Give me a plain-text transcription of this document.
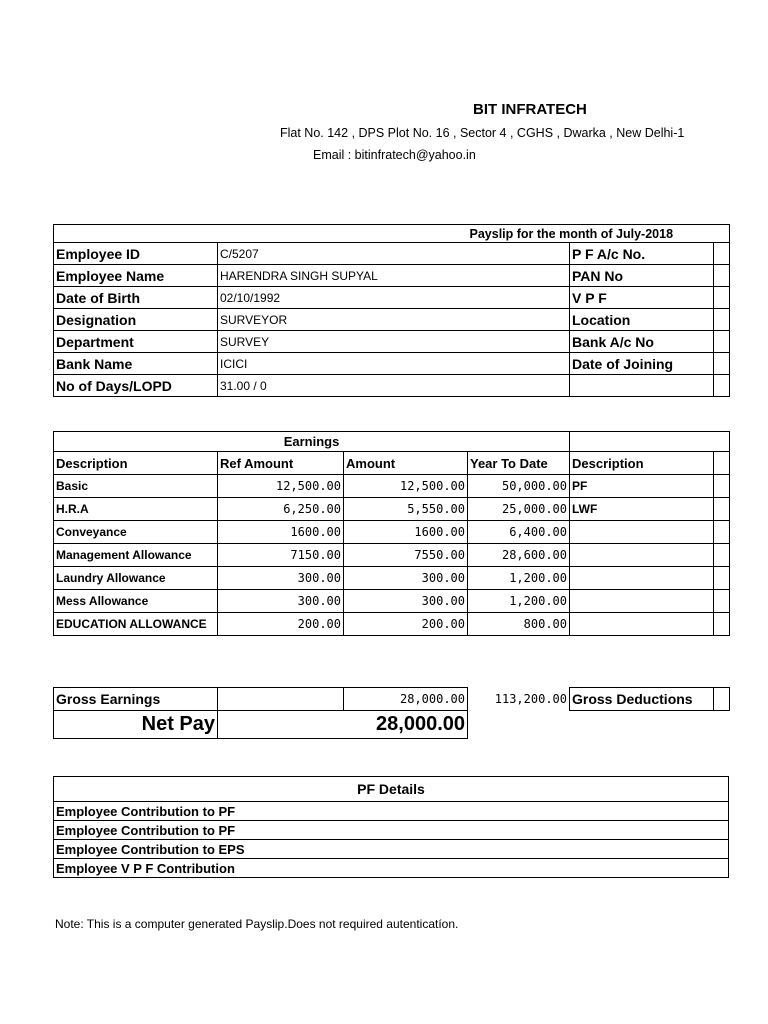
BIT INFRATECH
Flat No. 142 , DPS Plot No. 16 , Sector 4 , CGHS , Dwarka , New Delhi-1
Email : bitinfratech@yahoo.in
Payslip for the month of July-2018			
Employee ID	C/5207	P F A/c No.	
Employee Name	HARENDRA SINGH SUPYAL	PAN No	
Date of Birth	02/10/1992	V P F	
Designation	SURVEYOR	Location	
Department	SURVEY	Bank A/c No	
Bank Name	ICICI	Date of Joining	
No of Days/LOPD	31.00 / 0		
Earnings					
Description	Ref Amount	Amount	Year To Date	Description	
Basic	12,500.00	12,500.00	50,000.00	PF	
H.R.A	6,250.00	5,550.00	25,000.00	LWF	
Conveyance	1600.00	1600.00	6,400.00		
Management Allowance	7150.00	7550.00	28,600.00		
Laundry Allowance	300.00	300.00	1,200.00		
Mess Allowance	300.00	300.00	1,200.00		
EDUCATION ALLOWANCE	200.00	200.00	800.00		
Gross Earnings		28,000.00	113,200.00	Gross Deductions	
Net Pay	28,000.00				
PF Details
Employee Contribution to PF
Employee Contribution to PF
Employee Contribution to EPS
Employee V P F Contribution
Note: This is a computer generated Payslip.Does not required autenticatíon.
